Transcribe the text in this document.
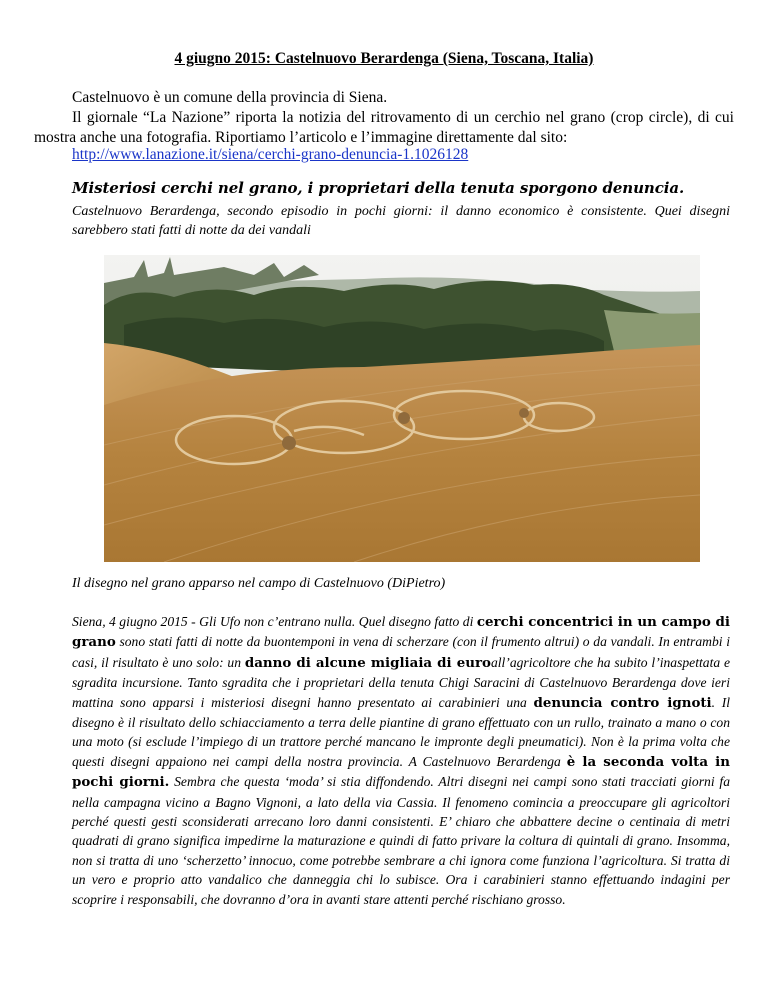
4 giugno 2015: Castelnuovo Berardenga (Siena, Toscana, Italia)
Castelnuovo è un comune della provincia di Siena.
Il giornale “La Nazione” riporta la notizia del ritrovamento di un cerchio nel grano (crop circle), di cui mostra anche una fotografia. Riportiamo l’articolo e l’immagine direttamente dal sito:
http://www.lanazione.it/siena/cerchi-grano-denuncia-1.1026128
Misteriosi cerchi nel grano, i proprietari della tenuta sporgono denuncia.
Castelnuovo Berardenga, secondo episodio in pochi giorni: il danno economico è consistente. Quei disegni sarebbero stati fatti di notte da dei vandali
Il disegno nel grano apparso nel campo di Castelnuovo (DiPietro)
Siena, 4 giugno 2015 - Gli Ufo non c’entrano nulla. Quel disegno fatto di cerchi concentrici in un campo di grano sono stati fatti di notte da buontemponi in vena di scherzare (con il frumento altrui) o da vandali. In entrambi i casi, il risultato è uno solo: un danno di alcune migliaia di euroall’agricoltore che ha subito l’inaspettata e sgradita incursione. Tanto sgradita che i proprietari della tenuta Chigi Saracini di Castelnuovo Berardenga dove ieri mattina sono apparsi i misteriosi disegni hanno presentato ai carabinieri una denuncia contro ignoti. Il disegno è il risultato dello schiacciamento a terra delle piantine di grano effettuato con un rullo, trainato a mano o con una moto (si esclude l’impiego di un trattore perché mancano le impronte degli pneumatici). Non è la prima volta che questi disegni appaiono nei campi della nostra provincia. A Castelnuovo Berardenga è la seconda volta in pochi giorni. Sembra che questa ‘moda’ si stia diffondendo. Altri disegni nei campi sono stati tracciati giorni fa nella campagna vicino a Bagno Vignoni, a lato della via Cassia. Il fenomeno comincia a preoccupare gli agricoltori perché questi gesti sconsiderati arrecano loro danni consistenti. E’ chiaro che abbattere decine o centinaia di metri quadrati di grano significa impedirne la maturazione e quindi di fatto privare la coltura di quintali di grano. Insomma, non si tratta di uno ‘scherzetto’ innocuo, come potrebbe sembrare a chi ignora come funziona l’agricoltura. Si tratta di un vero e proprio atto vandalico che danneggia chi lo subisce. Ora i carabinieri stanno effettuando indagini per scoprire i responsabili, che dovranno d’ora in avanti stare attenti perché rischiano grosso.
